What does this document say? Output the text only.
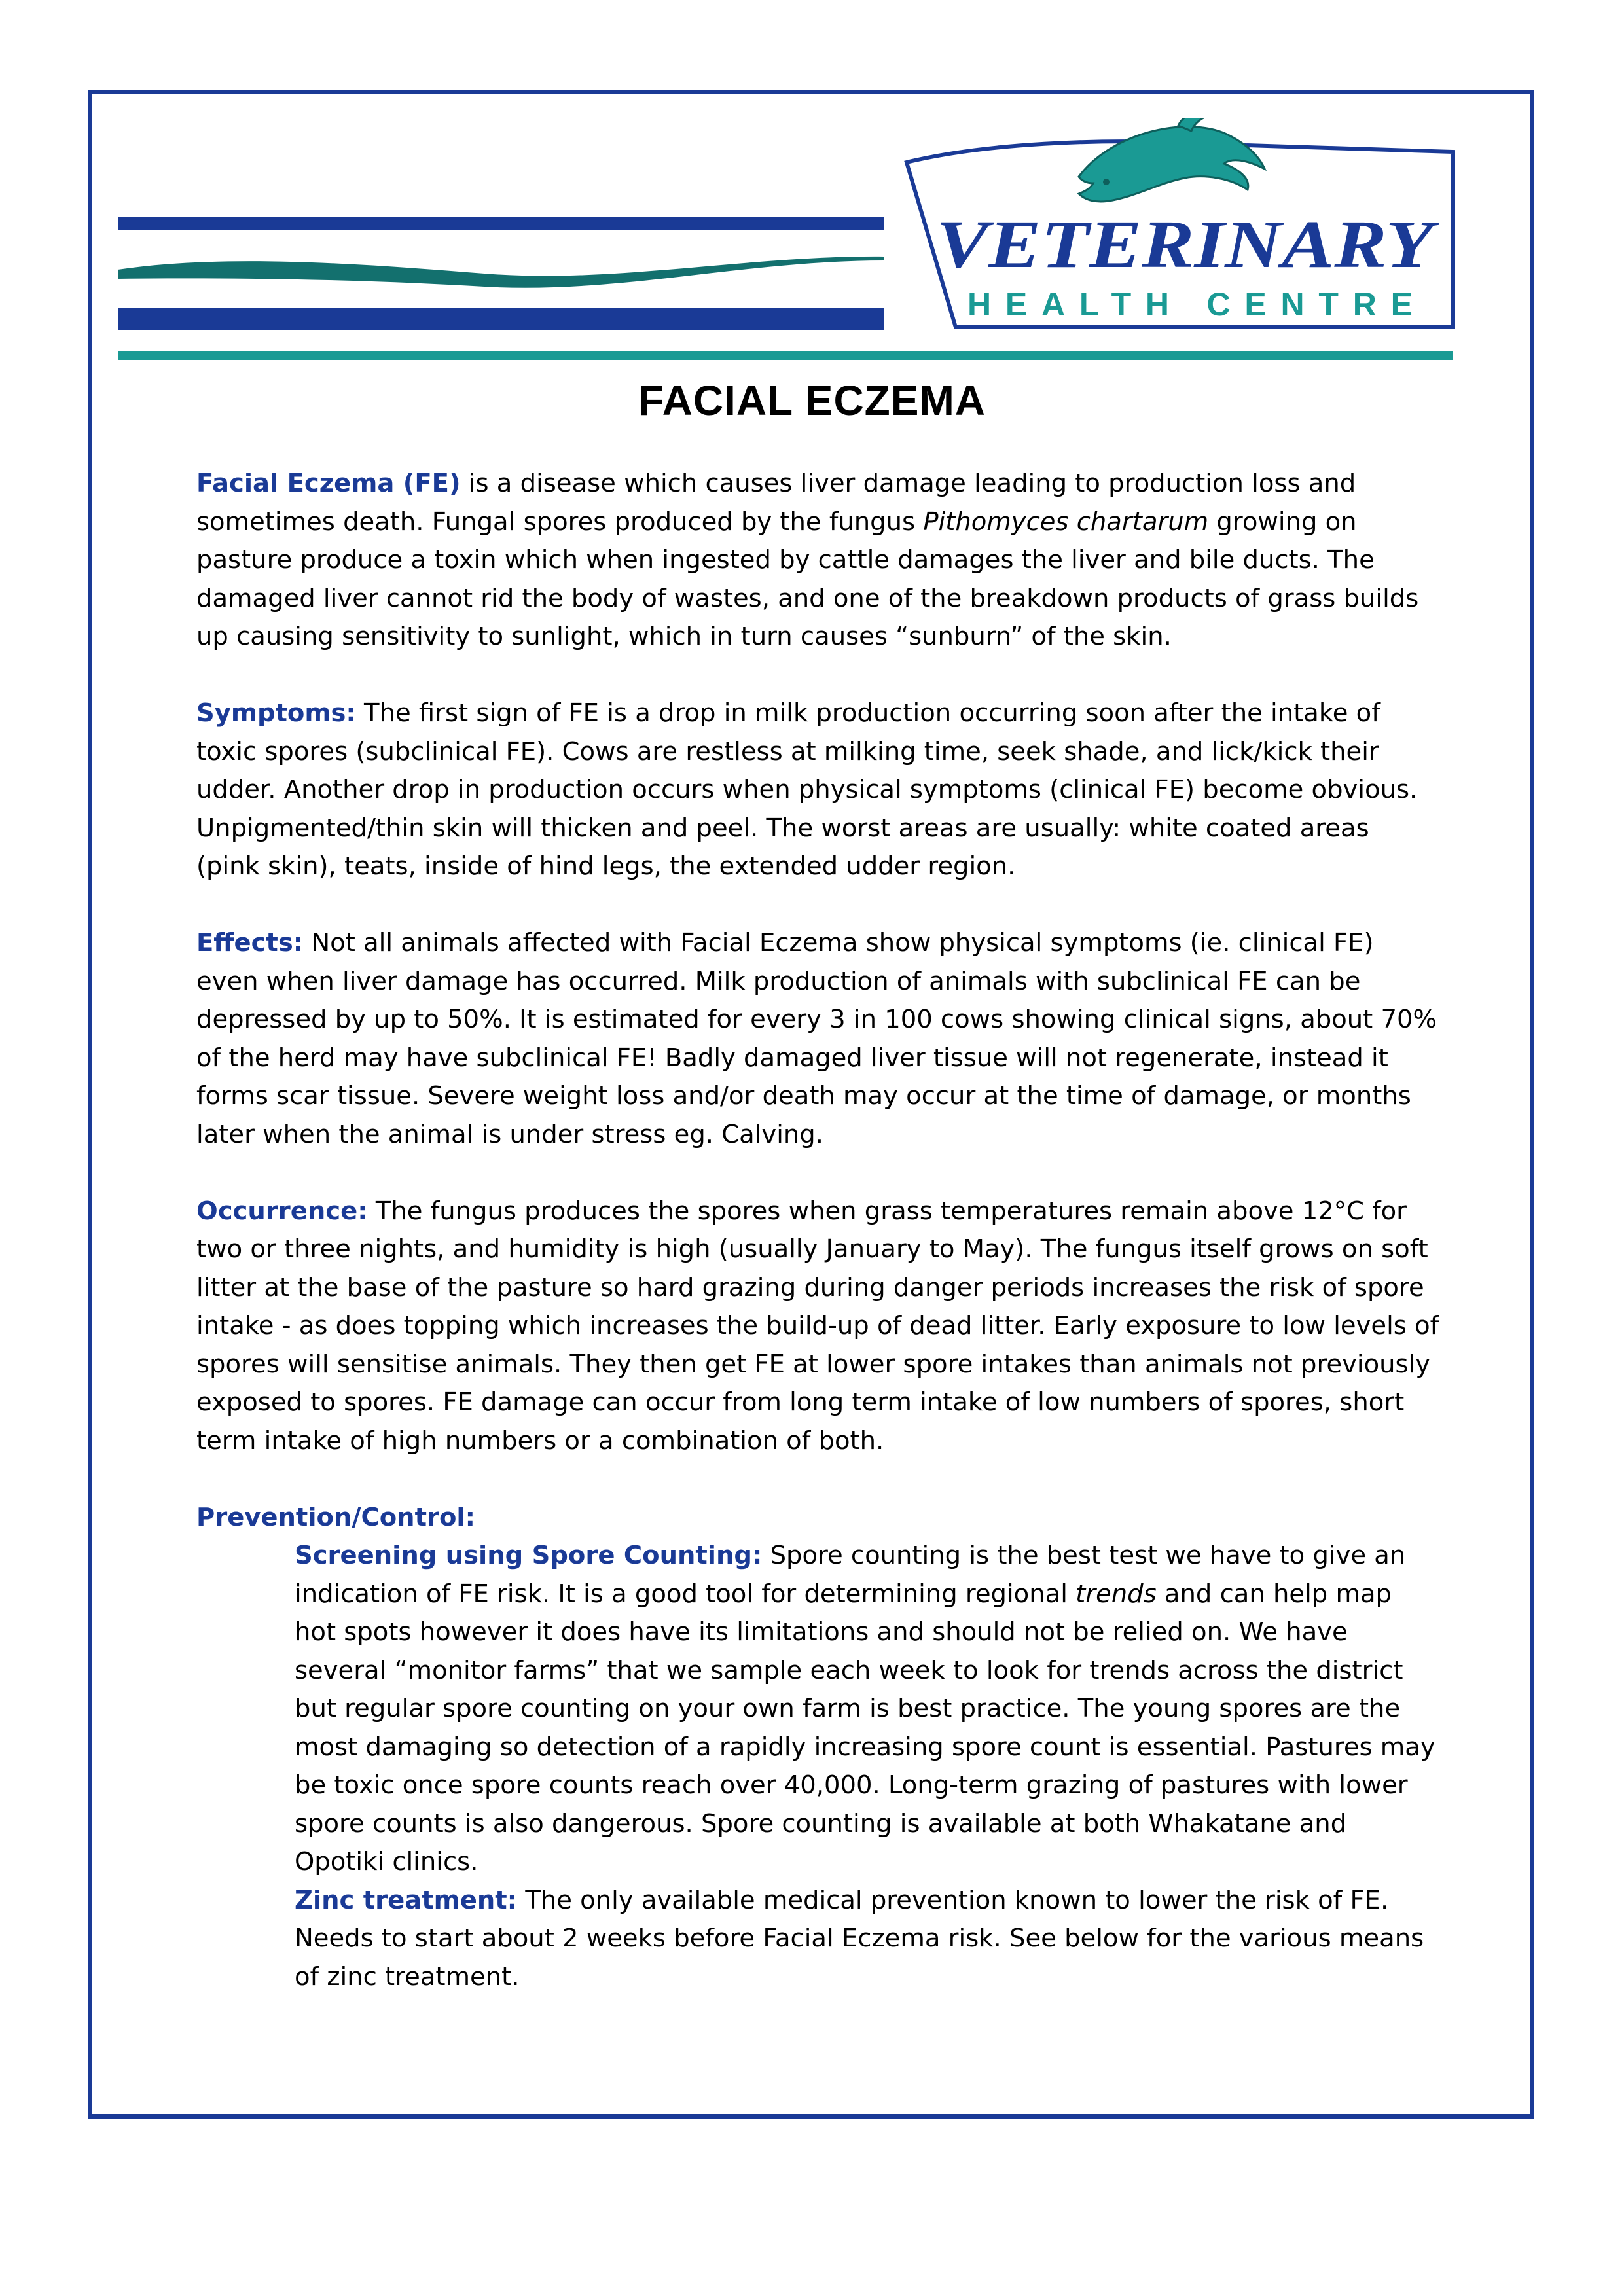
VETERINARY
HEALTH CENTRE
FACIAL ECZEMA

Facial Eczema (FE) is a disease which causes liver damage leading to production loss and sometimes death. Fungal spores produced by the fungus Pithomyces chartarum growing on pasture produce a toxin which when ingested by cattle damages the liver and bile ducts. The damaged liver cannot rid the body of wastes, and one of the breakdown products of grass builds up causing sensitivity to sunlight, which in turn causes “sunburn” of the skin.

Symptoms: The first sign of FE is a drop in milk production occurring soon after the intake of toxic spores (subclinical FE). Cows are restless at milking time, seek shade, and lick/kick their udder. Another drop in production occurs when physical symptoms (clinical FE) become obvious. Unpigmented/thin skin will thicken and peel. The worst areas are usually: white coated areas (pink skin), teats, inside of hind legs, the extended udder region.

Effects: Not all animals affected with Facial Eczema show physical symptoms (ie. clinical FE) even when liver damage has occurred. Milk production of animals with subclinical FE can be depressed by up to 50%. It is estimated for every 3 in 100 cows showing clinical signs, about 70% of the herd may have subclinical FE! Badly damaged liver tissue will not regenerate, instead it forms scar tissue. Severe weight loss and/or death may occur at the time of damage, or months later when the animal is under stress eg. Calving.

Occurrence: The fungus produces the spores when grass temperatures remain above 12°C for two or three nights, and humidity is high (usually January to May). The fungus itself grows on soft litter at the base of the pasture so hard grazing during danger periods increases the risk of spore intake - as does topping which increases the build-up of dead litter. Early exposure to low levels of spores will sensitise animals. They then get FE at lower spore intakes than animals not previously exposed to spores. FE damage can occur from long term intake of low numbers of spores, short term intake of high numbers or a combination of both.

Prevention/Control:

Screening using Spore Counting: Spore counting is the best test we have to give an indication of FE risk. It is a good tool for determining regional trends and can help map hot spots however it does have its limitations and should not be relied on. We have several “monitor farms” that we sample each week to look for trends across the district but regular spore counting on your own farm is best practice. The young spores are the most damaging so detection of a rapidly increasing spore count is essential. Pastures may be toxic once spore counts reach over 40,000. Long-term grazing of pastures with lower spore counts is also dangerous. Spore counting is available at both Whakatane and Opotiki clinics.

Zinc treatment: The only available medical prevention known to lower the risk of FE. Needs to start about 2 weeks before Facial Eczema risk. See below for the various means of zinc treatment.
